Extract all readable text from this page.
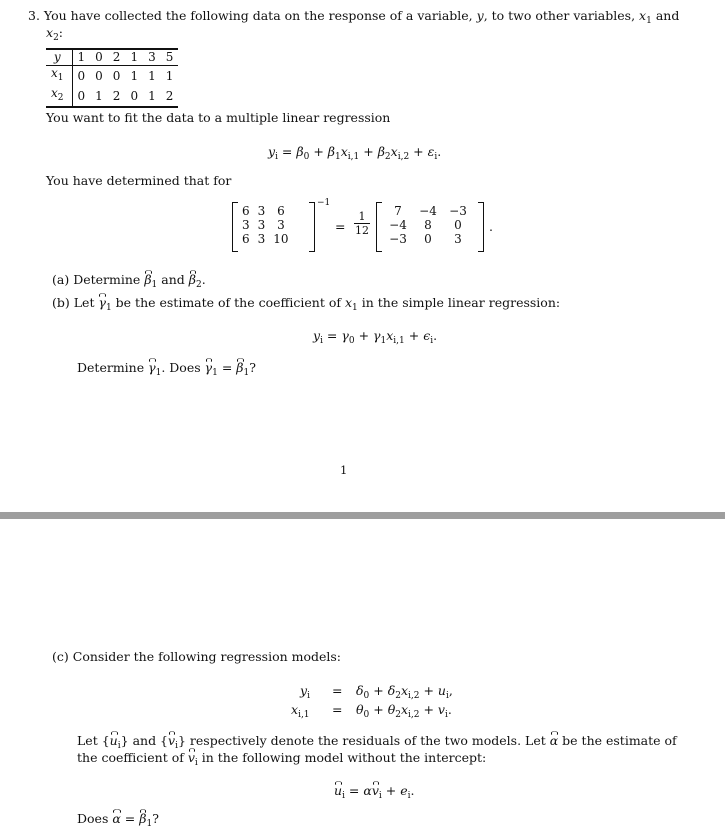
3. You have collected the following data on the response of a variable, y, to two other variables, $x_1$ and
$x_2$:
y	1	0	2	1	3	5
$x_1$	0	0	0	1	1	1
$x_2$	0	1	2	0	1	2
You want to fit the data to a multiple linear regression
$y_i = \beta_0 + \beta_1x_{i,1} + \beta_2x_{i,2} + \varepsilon_i$.
You have determined that for
6	3	6
3	3	3
6	3	10
−1
= $\frac{1}{12} 7$	−4	−3
−4	8	0
−3	0	3
.
(a) Determine $\beta_1$ and $\beta_2$.
(b) Let $\gamma_1$ be the estimate of the coefficient of $x_1$ in the simple linear regression:
$y_i = \gamma_0 + \gamma_1x_{i,1} + \epsilon_i$.
Determine $\gamma_1$. Does $\gamma_1 = \beta_1$?
1
(c) Consider the following regression models:
$y_i = \delta_0 + \delta_2x_{i,2} + u_i$,
$x_{i,1} = \theta_0 + \theta_2x_{i,2} + v_i$.
Let $\{u_i\}$ and $\{v_i\}$ respectively denote the residuals of the two models. Let α be the estimate of
the coefficient of $v_i$ in the following model without the intercept:
$u_i = \alpha v_i + e_i$.
Does $\alpha = \beta_1$?
